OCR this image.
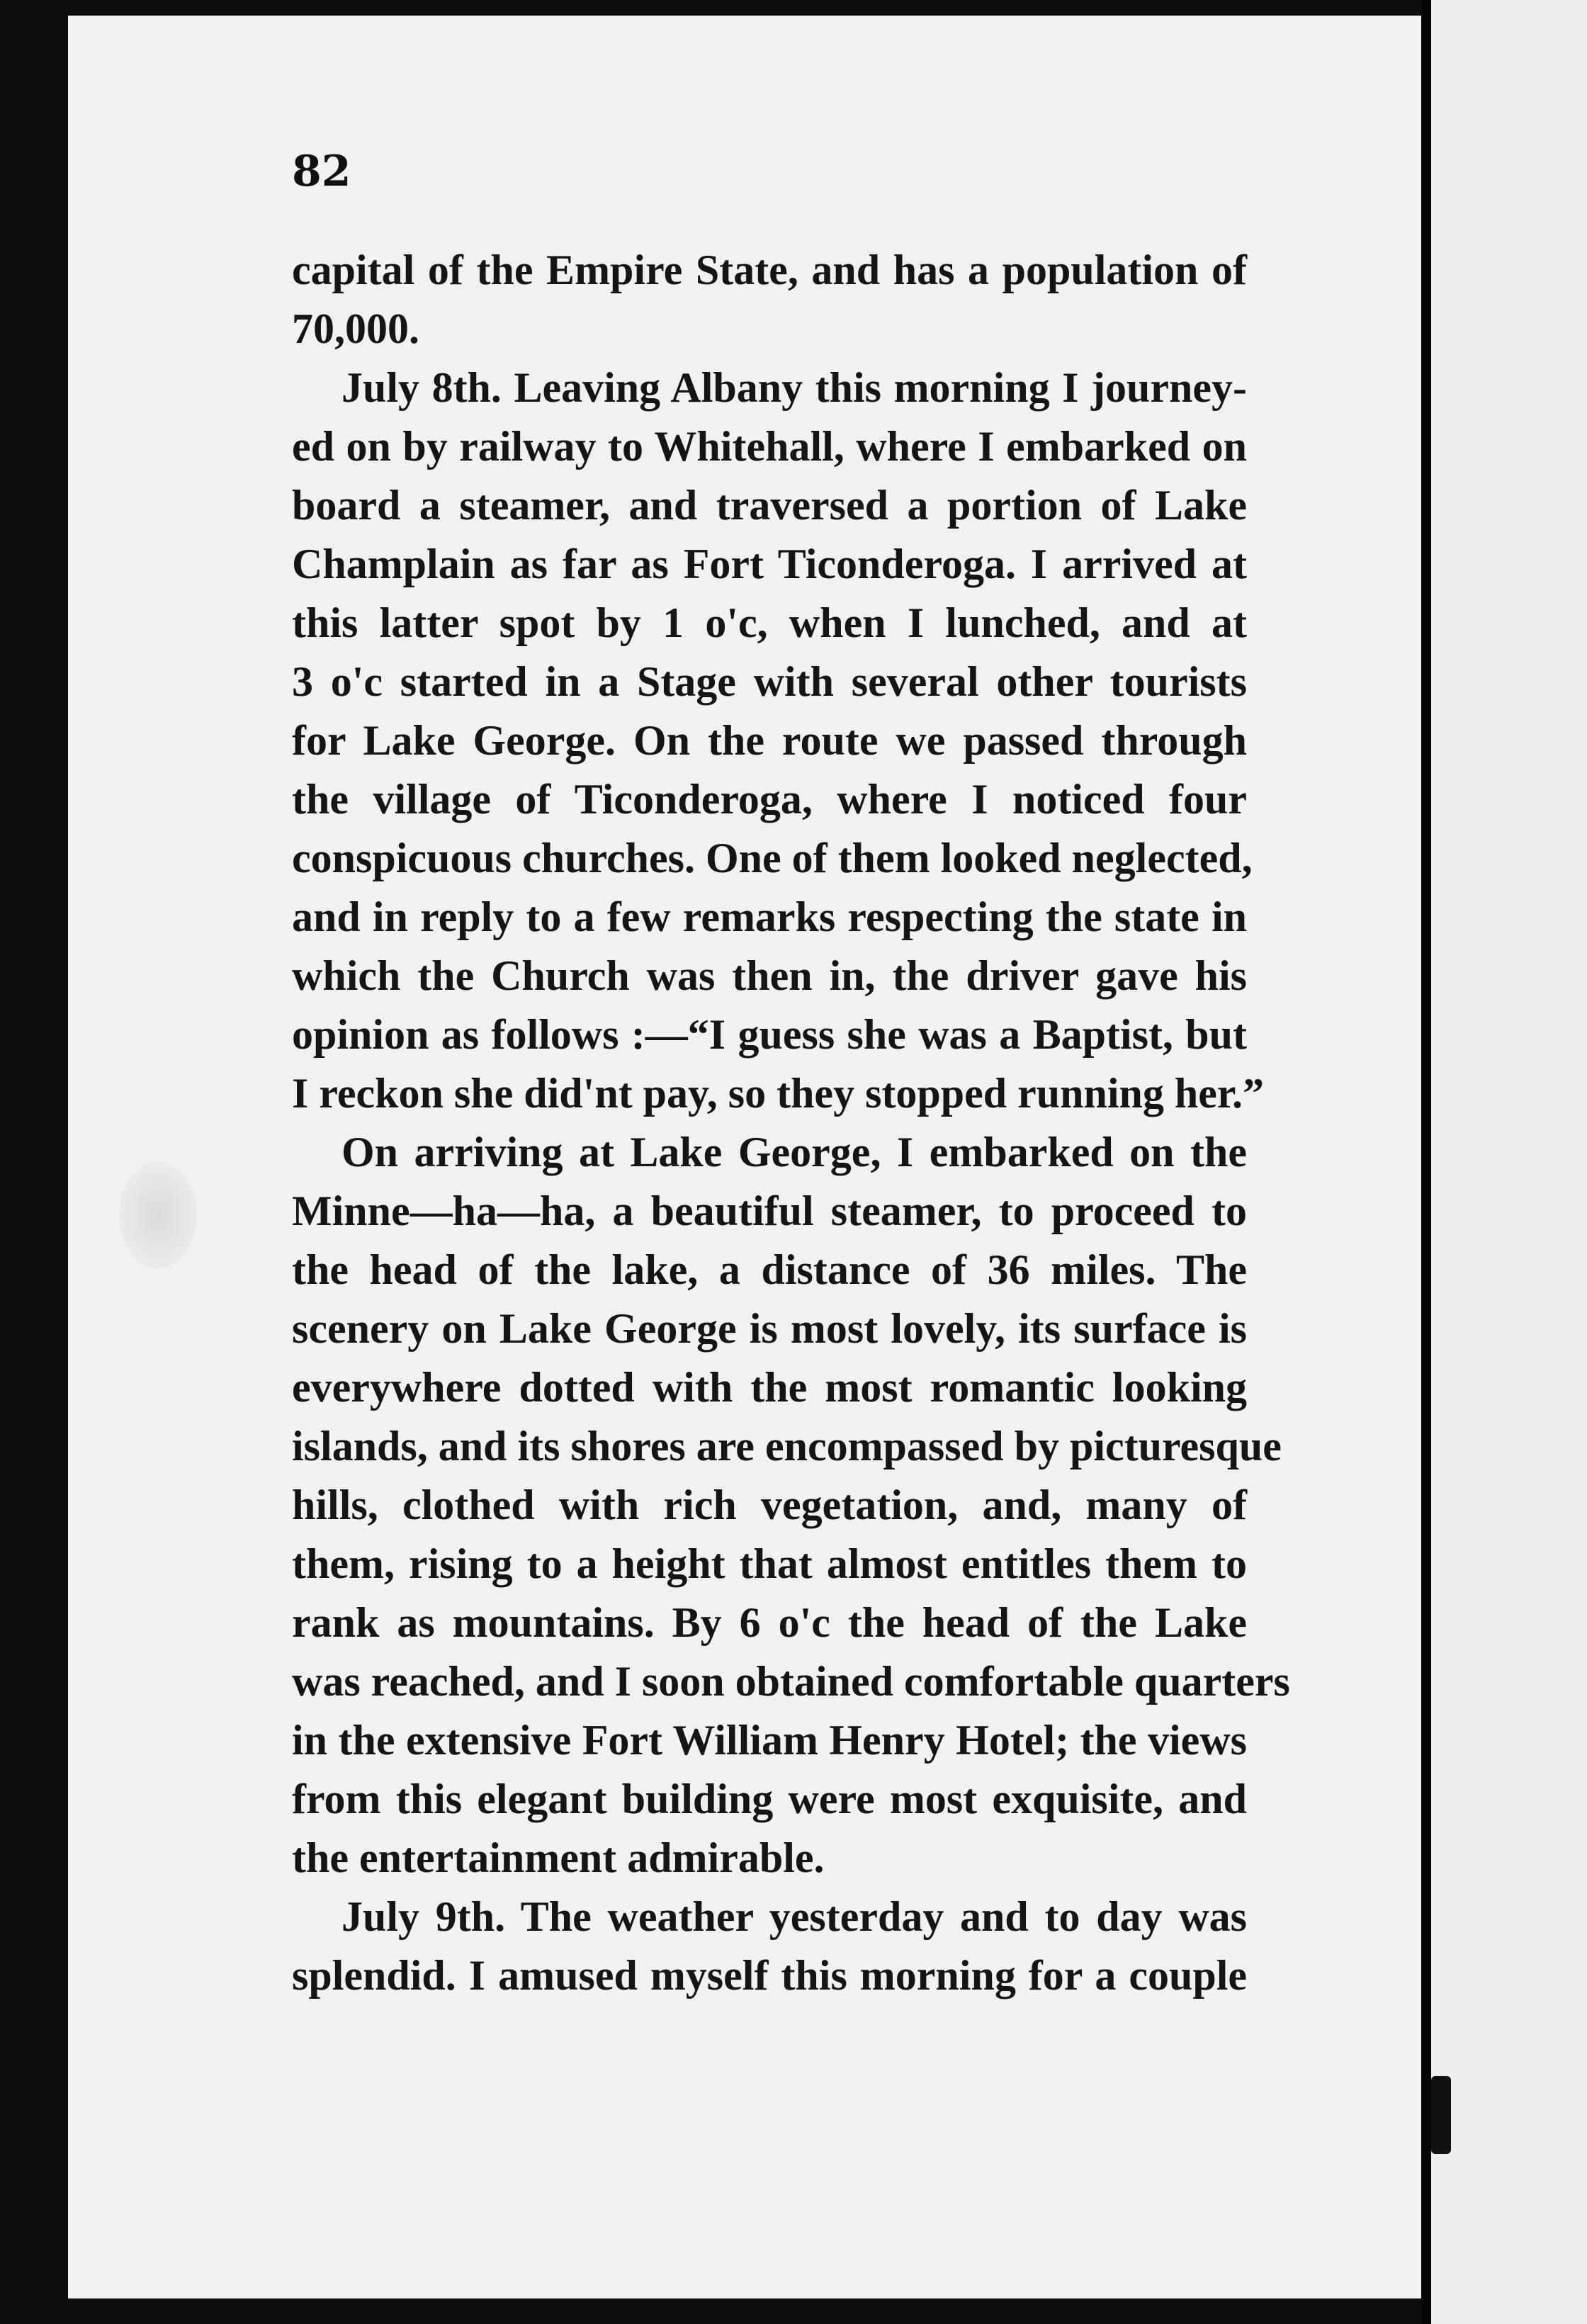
82
capital of the Empire State, and has a population of
70,000.
July 8th. Leaving Albany this morning I journey-
ed on by railway to Whitehall, where I embarked on
board a steamer, and traversed a portion of Lake
Champlain as far as Fort Ticonderoga. I arrived at
this latter spot by 1 o'c, when I lunched, and at
3 o'c started in a Stage with several other tourists
for Lake George. On the route we passed through
the village of Ticonderoga, where I noticed four
conspicuous churches. One of them looked neglected,
and in reply to a few remarks respecting the state in
which the Church was then in, the driver gave his
opinion as follows :—“I guess she was a Baptist, but
I reckon she did'nt pay, so they stopped running her.”
On arriving at Lake George, I embarked on the
Minne—ha—ha, a beautiful steamer, to proceed to
the head of the lake, a distance of 36 miles. The
scenery on Lake George is most lovely, its surface is
everywhere dotted with the most romantic looking
islands, and its shores are encompassed by picturesque
hills, clothed with rich vegetation, and, many of
them, rising to a height that almost entitles them to
rank as mountains. By 6 o'c the head of the Lake
was reached, and I soon obtained comfortable quarters
in the extensive Fort William Henry Hotel; the views
from this elegant building were most exquisite, and
the entertainment admirable.
July 9th. The weather yesterday and to day was
splendid. I amused myself this morning for a couple
